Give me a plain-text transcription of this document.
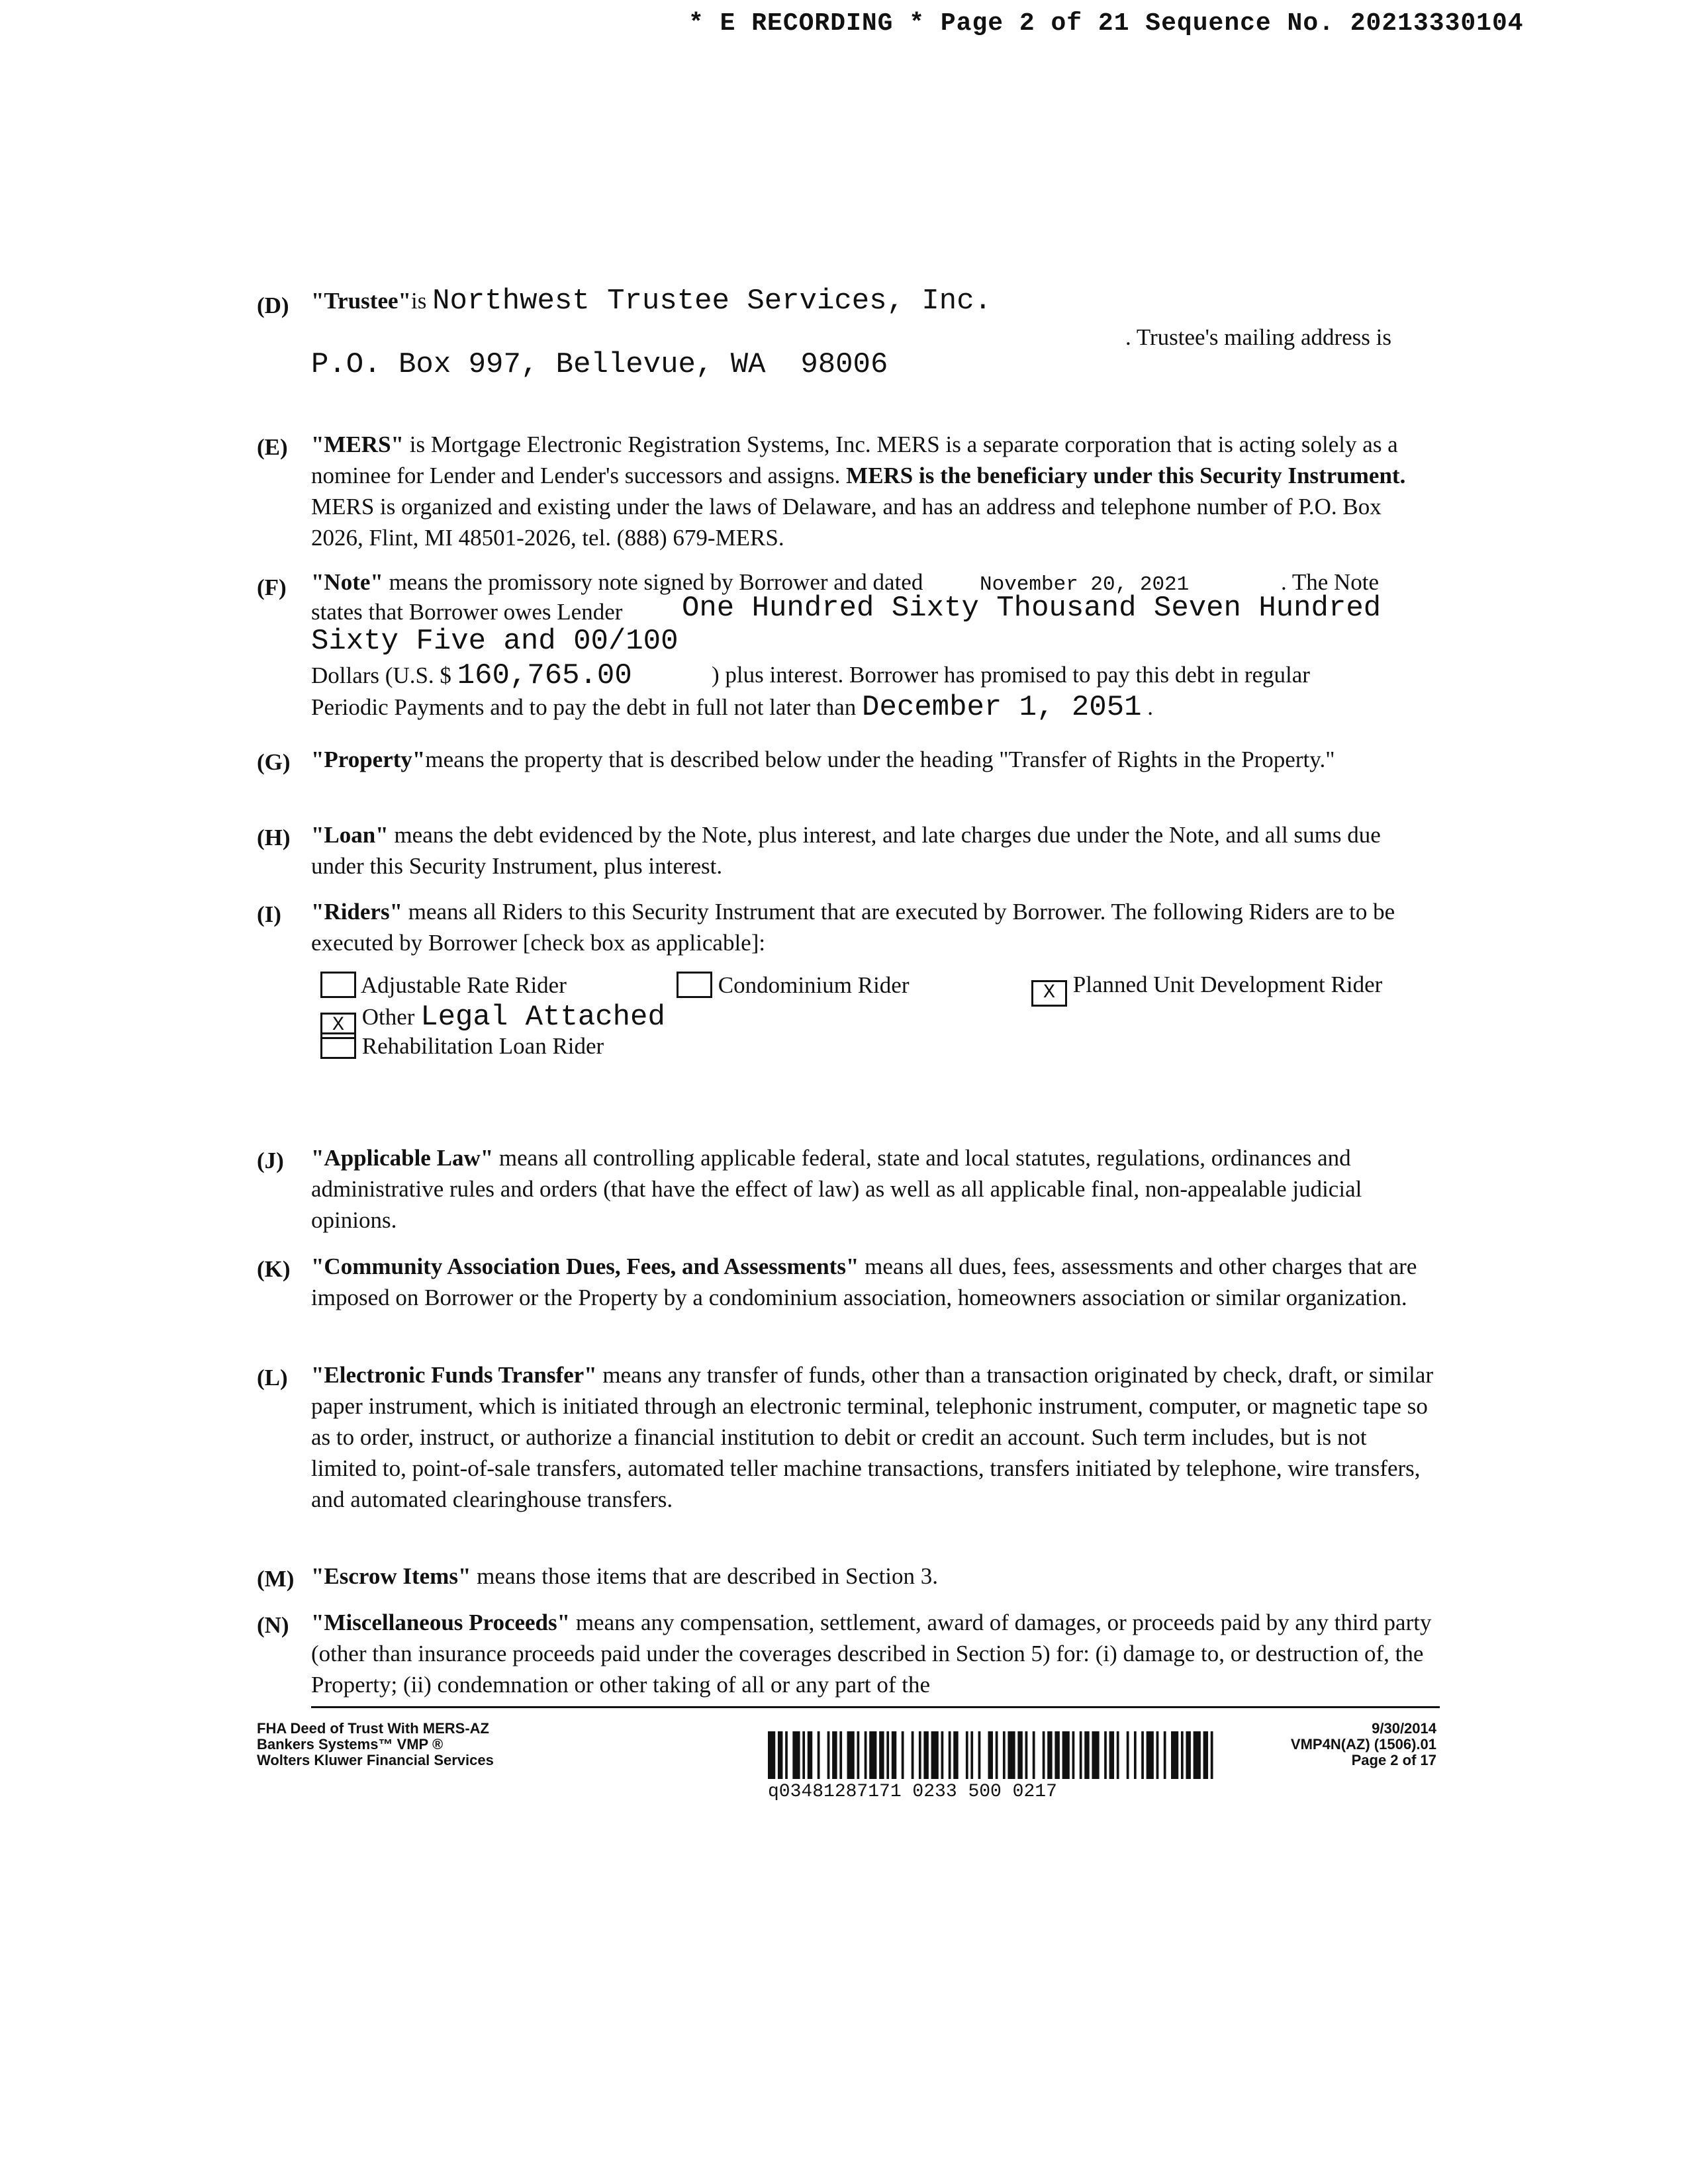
* E RECORDING * Page 2 of 21 Sequence No. 20213330104
(D) "Trustee"is Northwest Trustee Services, Inc.
. Trustee's mailing address is
P.O. Box 997, Bellevue, WA  98006
(E) "MERS" is Mortgage Electronic Registration Systems, Inc. MERS is a separate corporation that is acting solely as a nominee for Lender and Lender's successors and assigns. MERS is the beneficiary under this Security Instrument. MERS is organized and existing under the laws of Delaware, and has an address and telephone number of P.O. Box 2026, Flint, MI 48501-2026, tel. (888) 679-MERS.
(F) "Note" means the promissory note signed by Borrower and dated	November 20, 2021	. The Note
states that Borrower owes Lender	One Hundred Sixty Thousand Seven Hundred Sixty Five and 00/100
Dollars (U.S. $ 160,765.00	) plus interest. Borrower has promised to pay this debt in regular
Periodic Payments and to pay the debt in full not later than December 1, 2051 .
(G) "Property"means the property that is described below under the heading "Transfer of Rights in the Property."
(H) "Loan" means the debt evidenced by the Note, plus interest, and late charges due under the Note, and all sums due under this Security Instrument, plus interest.
(I) "Riders" means all Riders to this Security Instrument that are executed by Borrower. The following Riders are to be executed by Borrower [check box as applicable]:
Adjustable Rate Rider	Condominium Rider	X Planned Unit Development Rider
X Other Legal Attached
Rehabilitation Loan Rider
(J) "Applicable Law" means all controlling applicable federal, state and local statutes, regulations, ordinances and administrative rules and orders (that have the effect of law) as well as all applicable final, non-appealable judicial opinions.
(K) "Community Association Dues, Fees, and Assessments" means all dues, fees, assessments and other charges that are imposed on Borrower or the Property by a condominium association, homeowners association or similar organization.
(L) "Electronic Funds Transfer" means any transfer of funds, other than a transaction originated by check, draft, or similar paper instrument, which is initiated through an electronic terminal, telephonic instrument, computer, or magnetic tape so as to order, instruct, or authorize a financial institution to debit or credit an account. Such term includes, but is not limited to, point-of-sale transfers, automated teller machine transactions, transfers initiated by telephone, wire transfers, and automated clearinghouse transfers.
(M) "Escrow Items" means those items that are described in Section 3.
(N) "Miscellaneous Proceeds" means any compensation, settlement, award of damages, or proceeds paid by any third party (other than insurance proceeds paid under the coverages described in Section 5) for: (i) damage to, or destruction of, the Property; (ii) condemnation or other taking of all or any part of the
FHA Deed of Trust With MERS-AZ
Bankers Systems™ VMP ®
Wolters Kluwer Financial Services
q03481287171 0233 500 0217
9/30/2014
VMP4N(AZ) (1506).01
Page 2 of 17
